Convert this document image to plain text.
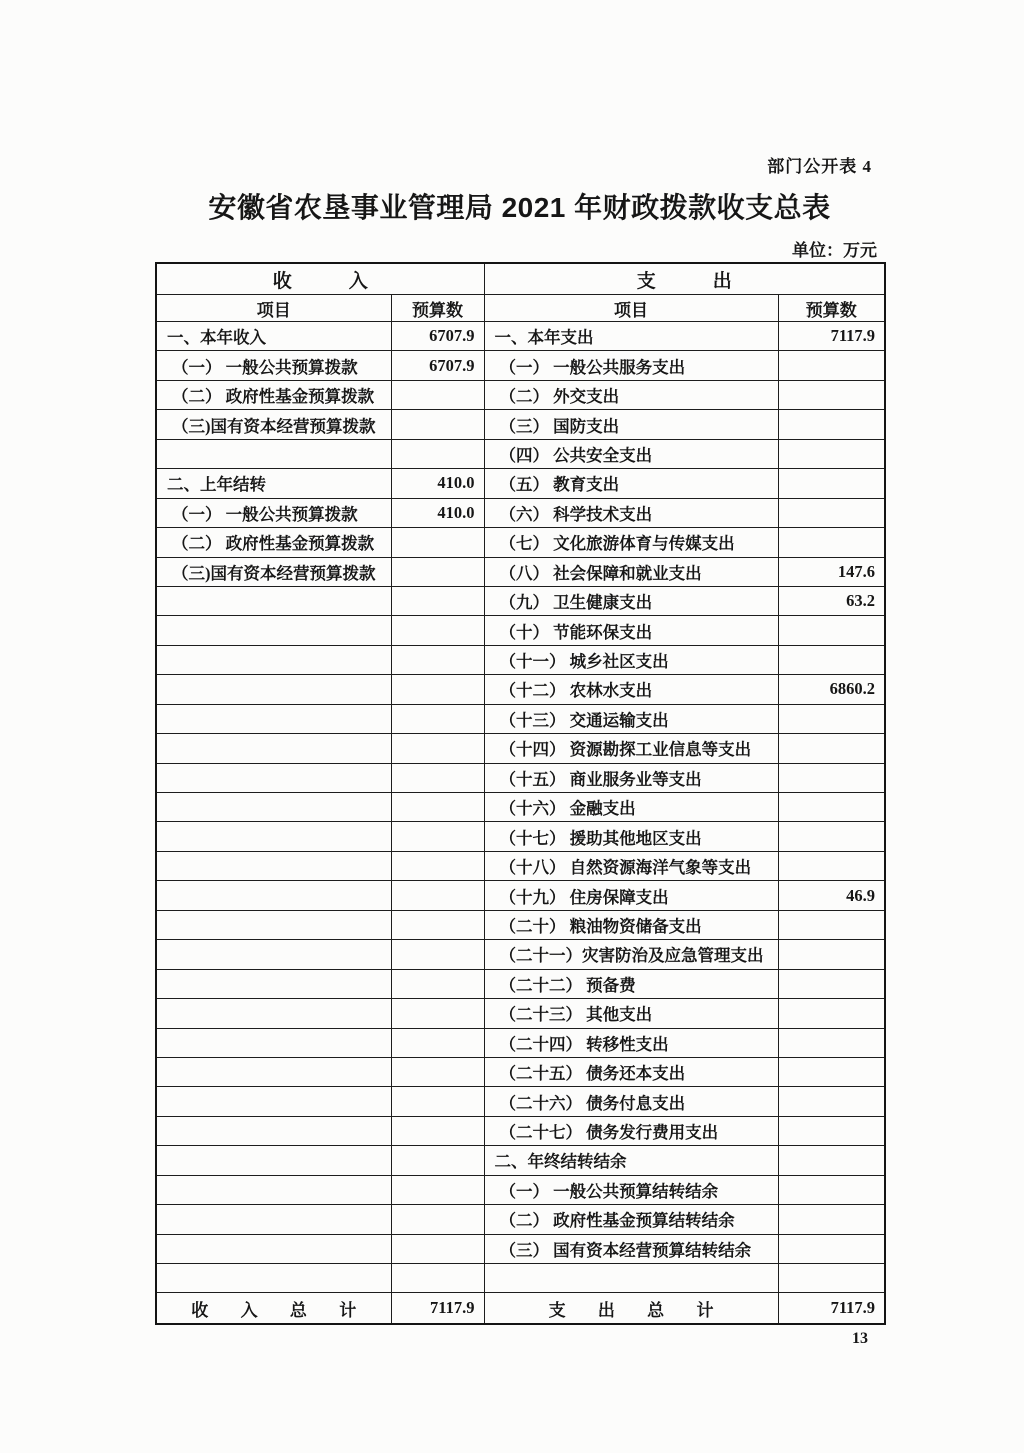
部门公开表 4
安徽省农垦事业管理局 2021 年财政拨款收支总表
单位：万元
收入		支出	
项目	预算数	项目	预算数
一、本年收入	6707.9	一、本年支出	7117.9
（一） 一般公共预算拨款	6707.9	（一） 一般公共服务支出	
（二） 政府性基金预算拨款		（二） 外交支出	
（三)国有资本经营预算拨款		（三） 国防支出	
		（四） 公共安全支出	
二、上年结转	410.0	（五） 教育支出	
（一） 一般公共预算拨款	410.0	（六） 科学技术支出	
（二） 政府性基金预算拨款		（七） 文化旅游体育与传媒支出	
（三)国有资本经营预算拨款		（八） 社会保障和就业支出	147.6
		（九） 卫生健康支出	63.2
		（十） 节能环保支出	
		（十一） 城乡社区支出	
		（十二） 农林水支出	6860.2
		（十三） 交通运输支出	
		（十四） 资源勘探工业信息等支出	
		（十五） 商业服务业等支出	
		（十六） 金融支出	
		（十七） 援助其他地区支出	
		（十八） 自然资源海洋气象等支出	
		（十九） 住房保障支出	46.9
		（二十） 粮油物资储备支出	
		（二十一）灾害防治及应急管理支出	
		（二十二） 预备费	
		（二十三） 其他支出	
		（二十四） 转移性支出	
		（二十五） 债务还本支出	
		（二十六） 债务付息支出	
		（二十七） 债务发行费用支出	
		二、年终结转结余	
		（一） 一般公共预算结转结余	
		（二） 政府性基金预算结转结余	
		（三） 国有资本经营预算结转结余	

收入总计	7117.9	支出总计	7117.9
13
